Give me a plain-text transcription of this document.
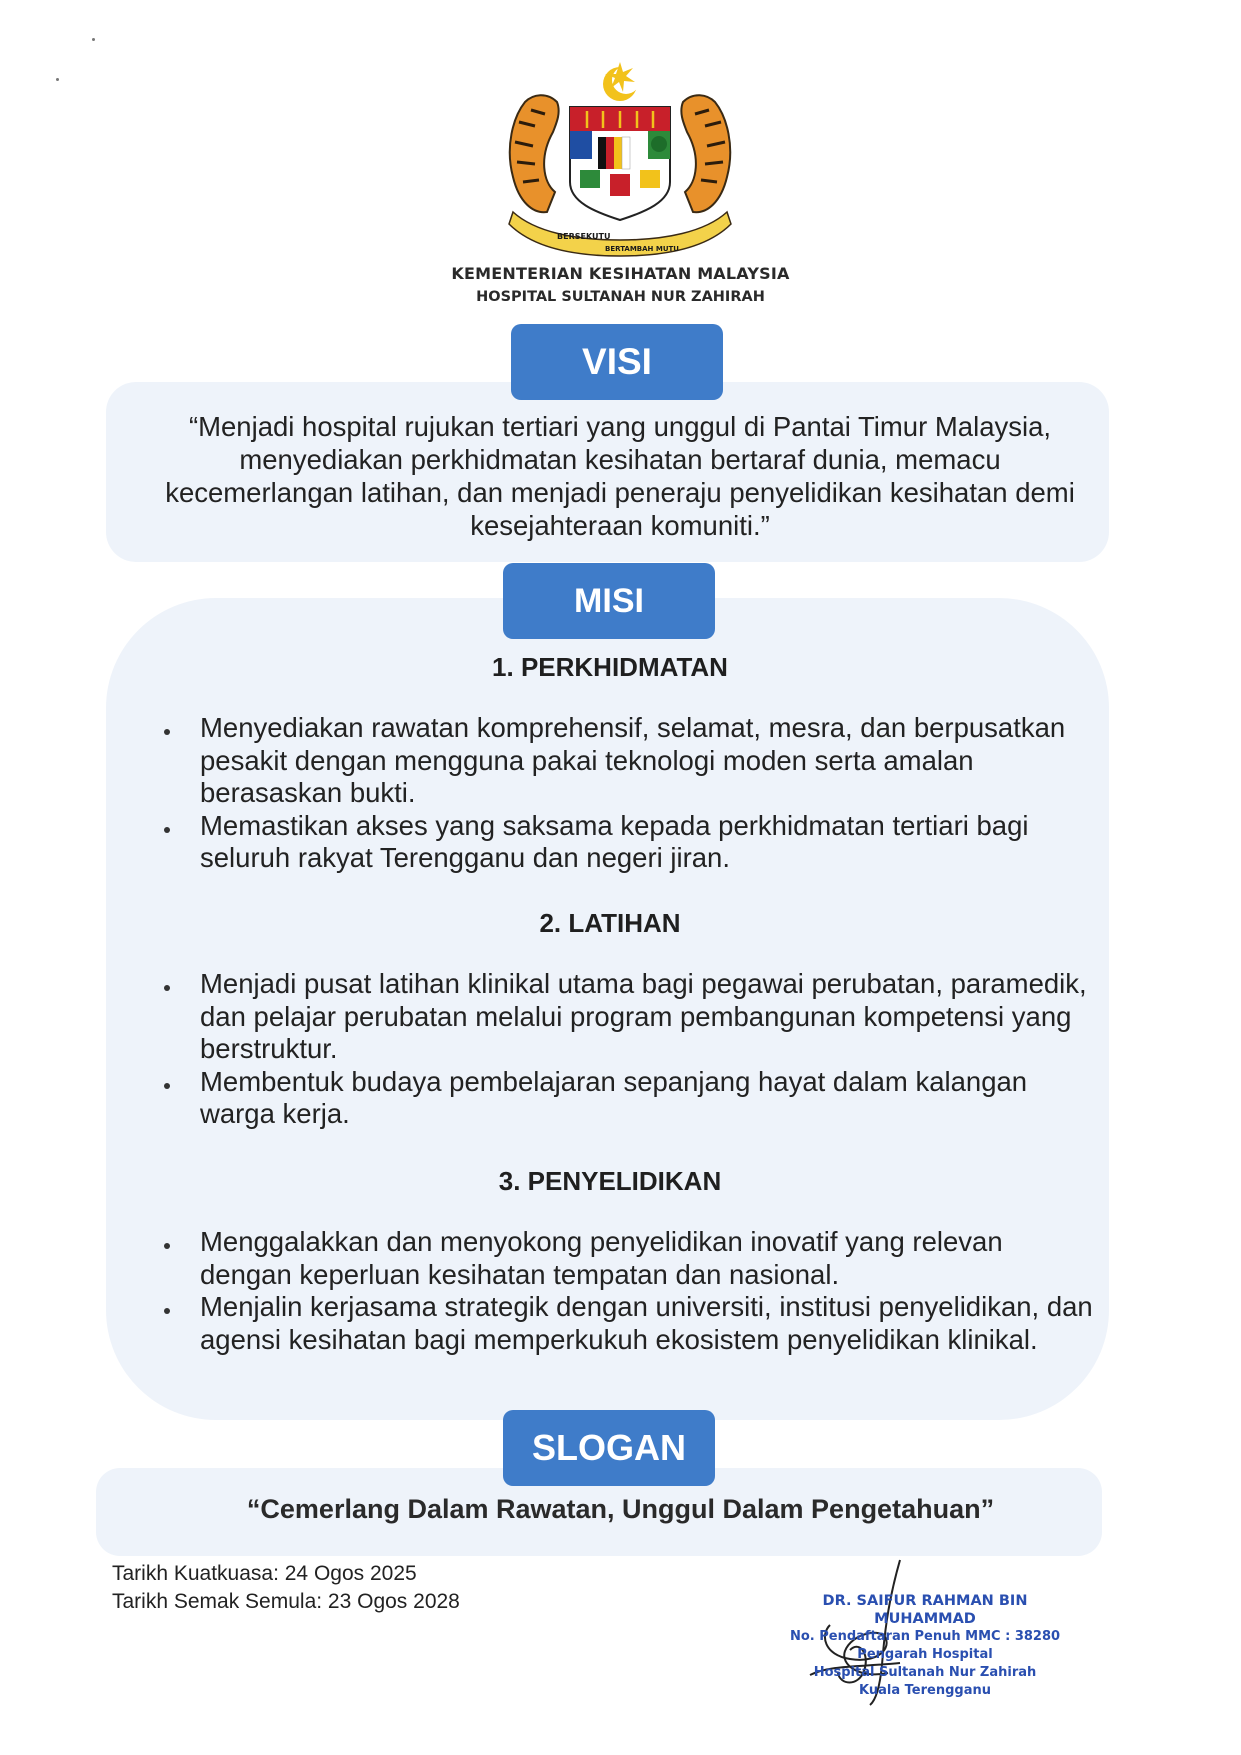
BERSEKUTU
BERTAMBAH MUTU
KEMENTERIAN KESIHATAN MALAYSIA
HOSPITAL SULTANAH NUR ZAHIRAH
VISI
“Menjadi hospital rujukan tertiari yang unggul di Pantai Timur Malaysia,
menyediakan perkhidmatan kesihatan bertaraf dunia, memacu
kecemerlangan latihan, dan menjadi peneraju penyelidikan kesihatan demi
kesejahteraan komuniti.”
MISI
1. PERKHIDMATAN
Menyediakan rawatan komprehensif, selamat, mesra, dan berpusatkan pesakit dengan mengguna pakai teknologi moden serta amalan berasaskan bukti.
Memastikan akses yang saksama kepada perkhidmatan tertiari bagi seluruh rakyat Terengganu dan negeri jiran.
2. LATIHAN
Menjadi pusat latihan klinikal utama bagi pegawai perubatan, paramedik, dan pelajar perubatan melalui program pembangunan kompetensi yang berstruktur.
Membentuk budaya pembelajaran sepanjang hayat dalam kalangan warga kerja.
3. PENYELIDIKAN
Menggalakkan dan menyokong penyelidikan inovatif yang relevan dengan keperluan kesihatan tempatan dan nasional.
Menjalin kerjasama strategik dengan universiti, institusi penyelidikan, dan agensi kesihatan bagi memperkukuh ekosistem penyelidikan klinikal.
SLOGAN
“Cemerlang Dalam Rawatan, Unggul Dalam Pengetahuan”
Tarikh Kuatkuasa: 24 Ogos 2025
Tarikh Semak Semula: 23 Ogos 2028	DR. SAIFUR RAHMAN BIN MUHAMMAD
No. Pendaftaran Penuh MMC : 38280
Pengarah Hospital
Hospital Sultanah Nur Zahirah
Kuala Terengganu
